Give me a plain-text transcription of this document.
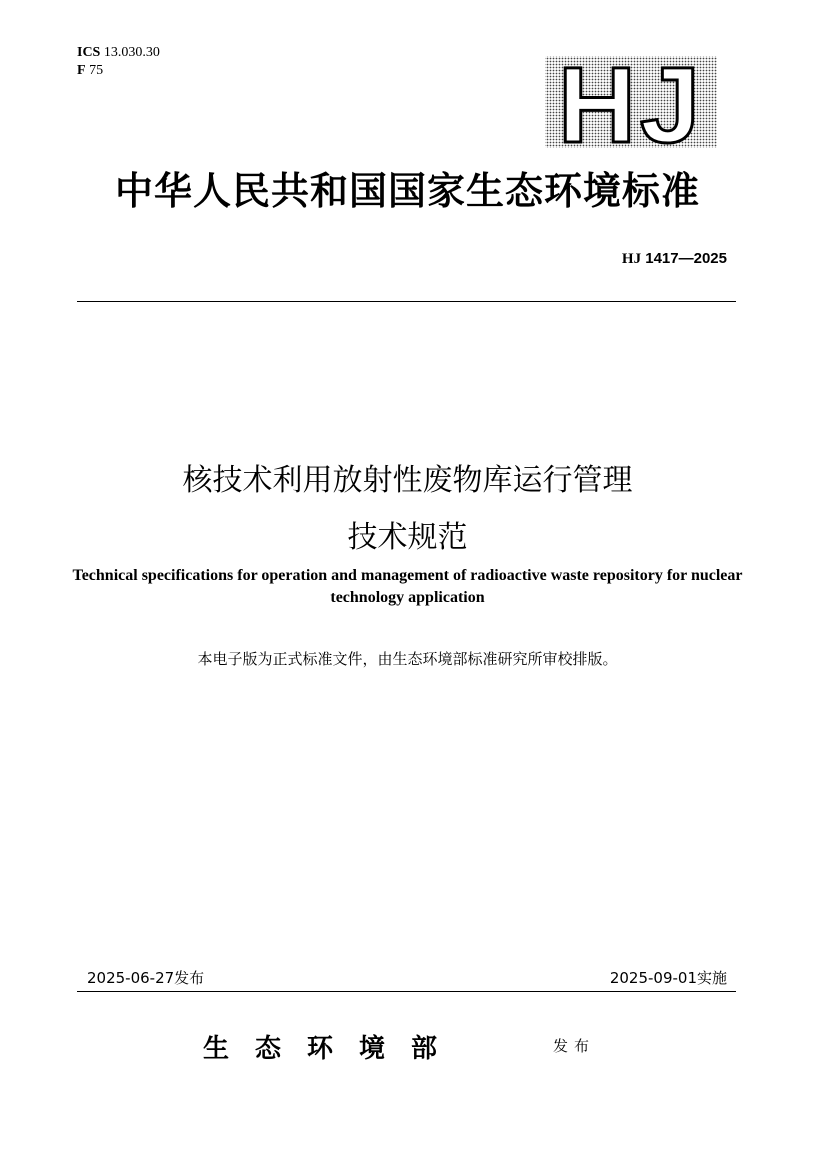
ICS 13.030.30
F 75	HJ
中华人民共和国国家生态环境标准
HJ 1417—2025
核技术利用放射性废物库运行管理
技术规范
Technical specifications for operation and management of radioactive waste repository for nuclear technology application
本电子版为正式标准文件，由生态环境部标准研究所审校排版。
2025-06-27发布	2025-09-01实施
生态环境部	发布
